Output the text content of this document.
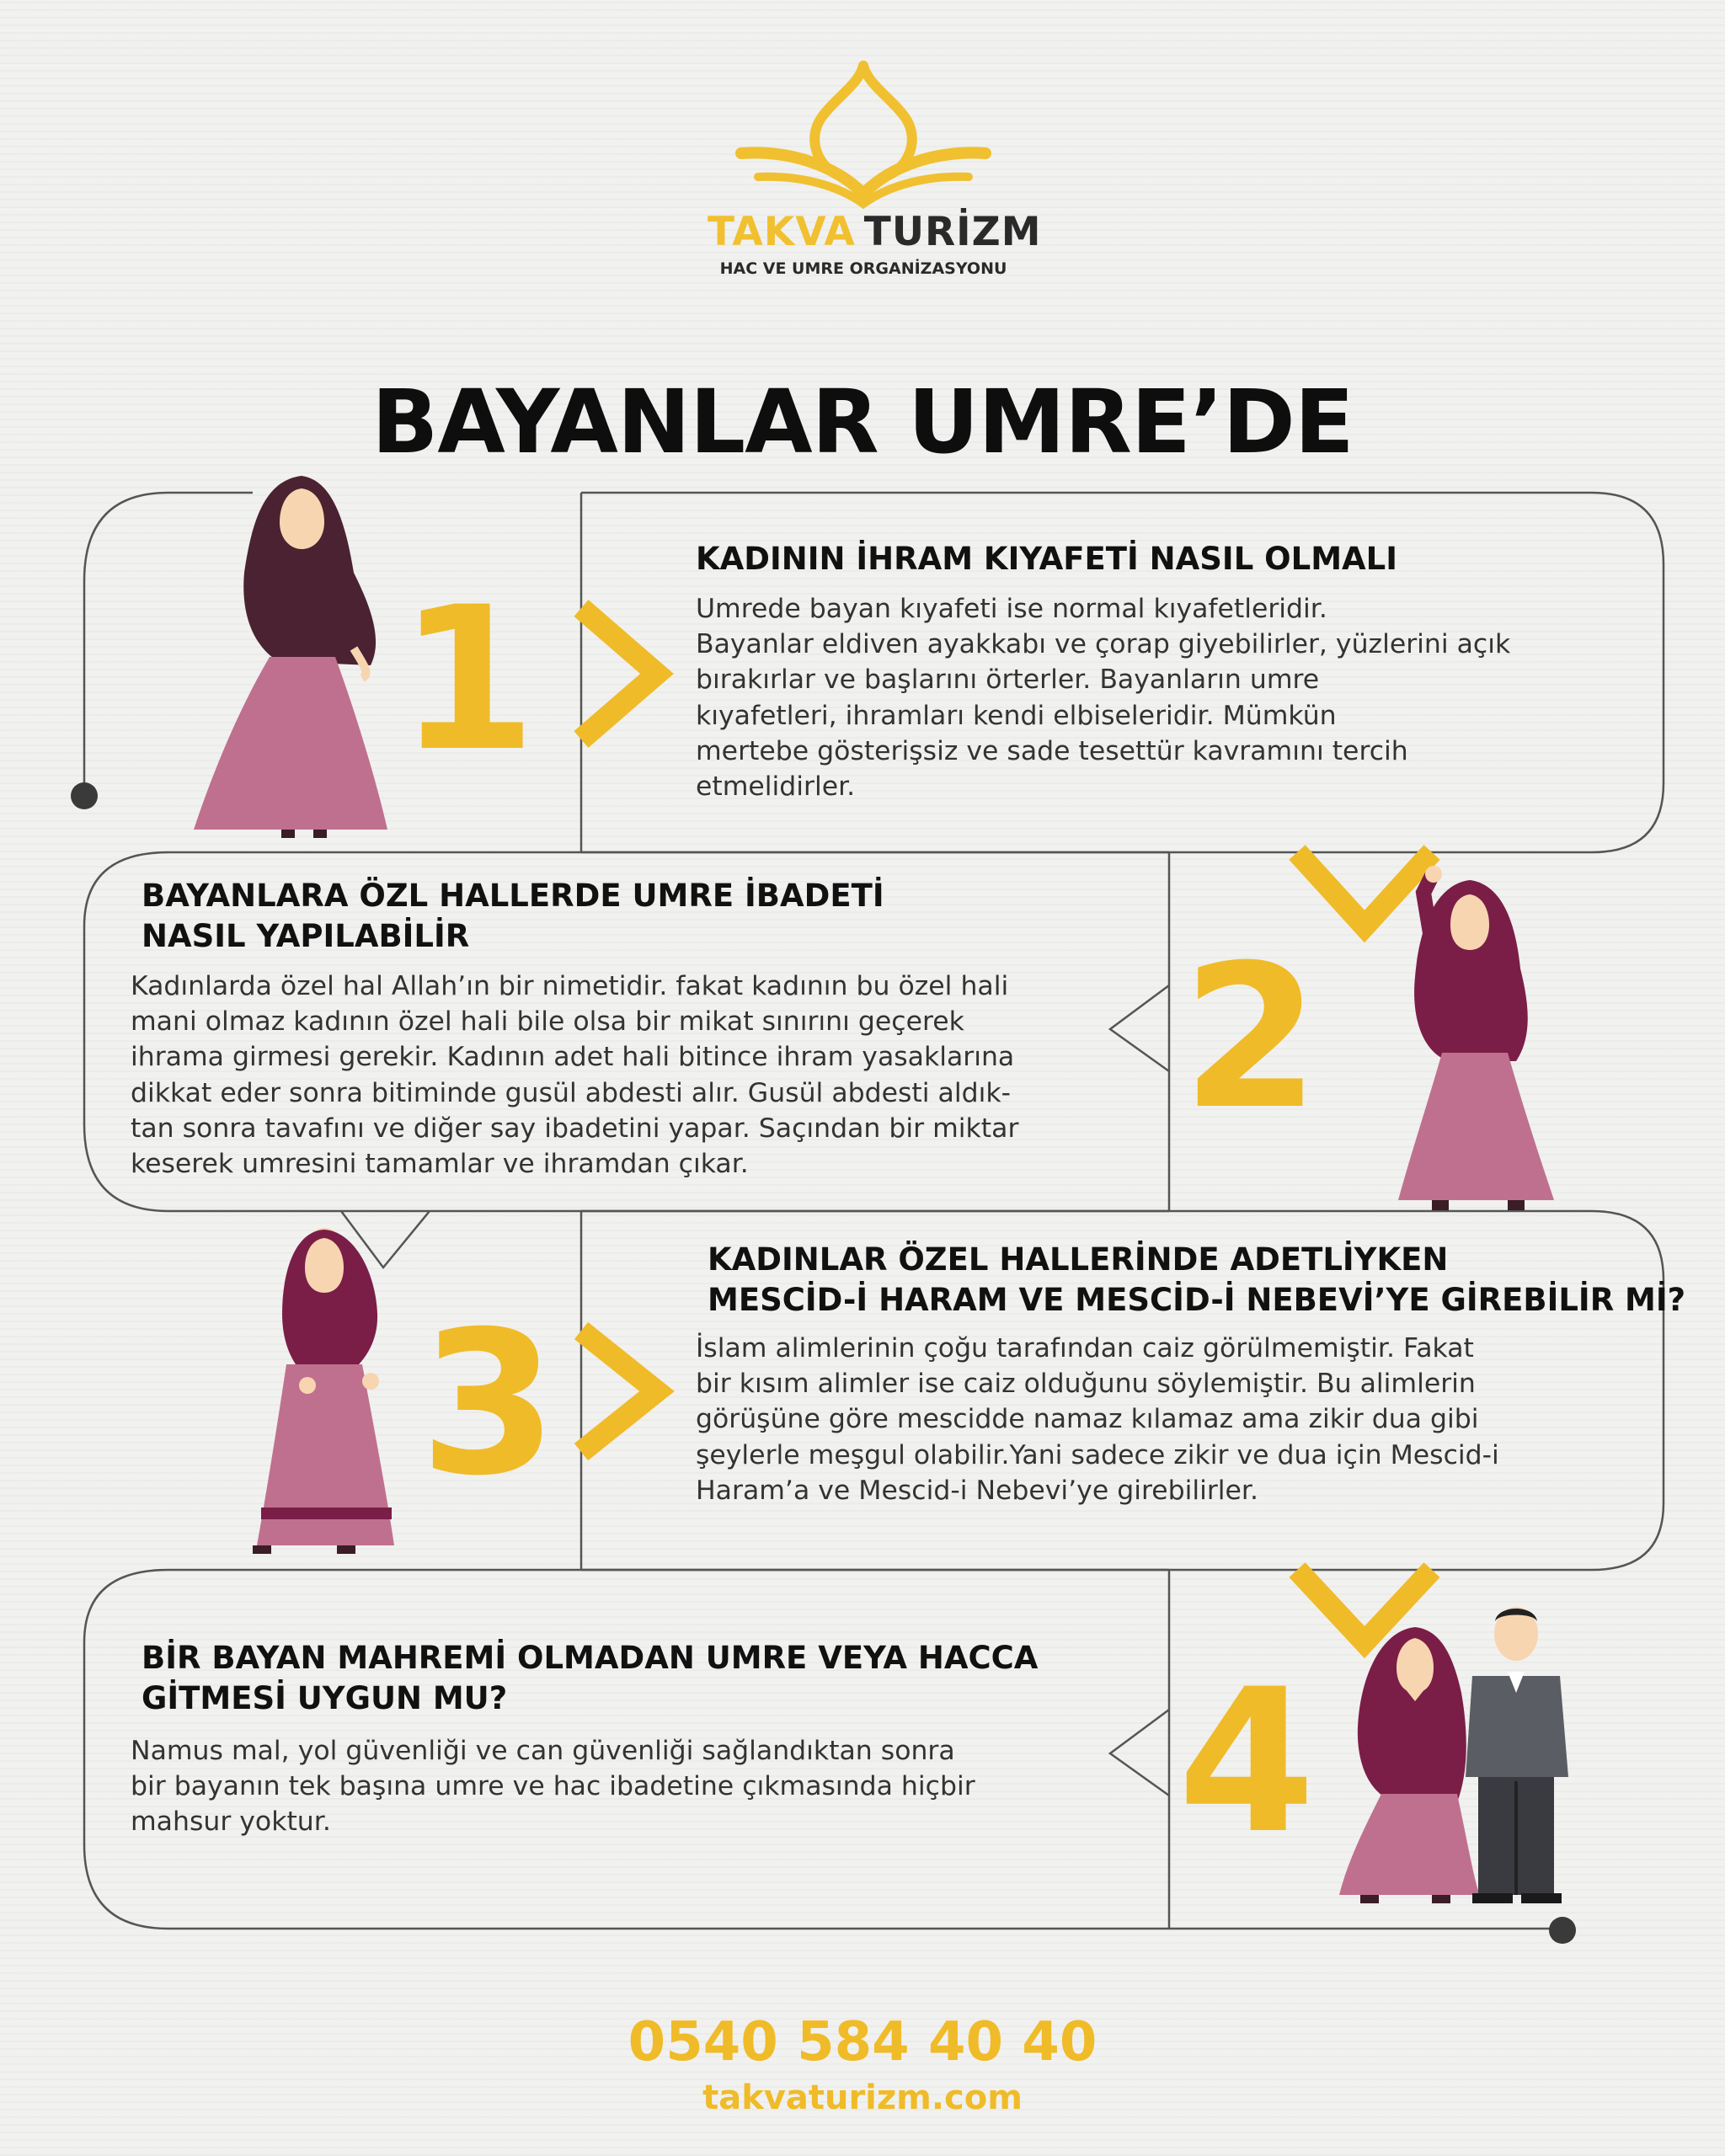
TAKVA TURİZM
HAC VE UMRE ORGANİZASYONU
BAYANLAR UMRE’DE
1
2
3
4
KADININ İHRAM KIYAFETİ NASIL OLMALI
Umrede bayan kıyafeti ise normal kıyafetleridir.
Bayanlar eldiven ayakkabı ve çorap giyebilirler, yüzlerini açık
bırakırlar ve başlarını örterler. Bayanların umre
kıyafetleri, ihramları kendi elbiseleridir. Mümkün
mertebe gösterişsiz ve sade tesettür kavramını tercih
etmelidirler.
BAYANLARA ÖZL HALLERDE UMRE İBADETİ
NASIL YAPILABİLİR
Kadınlarda özel hal Allah’ın bir nimetidir. fakat kadının bu özel hali
mani olmaz kadının özel hali bile olsa bir mikat sınırını geçerek
ihrama girmesi gerekir. Kadının adet hali bitince ihram yasaklarına
dikkat eder sonra bitiminde gusül abdesti alır. Gusül abdesti aldık-
tan sonra tavafını ve diğer say ibadetini yapar. Saçından bir miktar
keserek umresini tamamlar ve ihramdan çıkar.
KADINLAR ÖZEL HALLERİNDE ADETLİYKEN
MESCİD-İ HARAM VE MESCİD-İ NEBEVİ’YE GİREBİLİR Mİ?
İslam alimlerinin çoğu tarafından caiz görülmemiştir. Fakat
bir kısım alimler ise caiz olduğunu söylemiştir. Bu alimlerin
görüşüne göre mescidde namaz kılamaz ama zikir dua gibi
şeylerle meşgul olabilir.Yani sadece zikir ve dua için Mescid-i
Haram’a ve Mescid-i Nebevi’ye girebilirler.
BİR BAYAN MAHREMİ OLMADAN UMRE VEYA HACCA
GİTMESİ UYGUN MU?
Namus mal, yol güvenliği ve can güvenliği sağlandıktan sonra
bir bayanın tek başına umre ve hac ibadetine çıkmasında hiçbir
mahsur yoktur.
0540 584 40 40
takvaturizm.com
